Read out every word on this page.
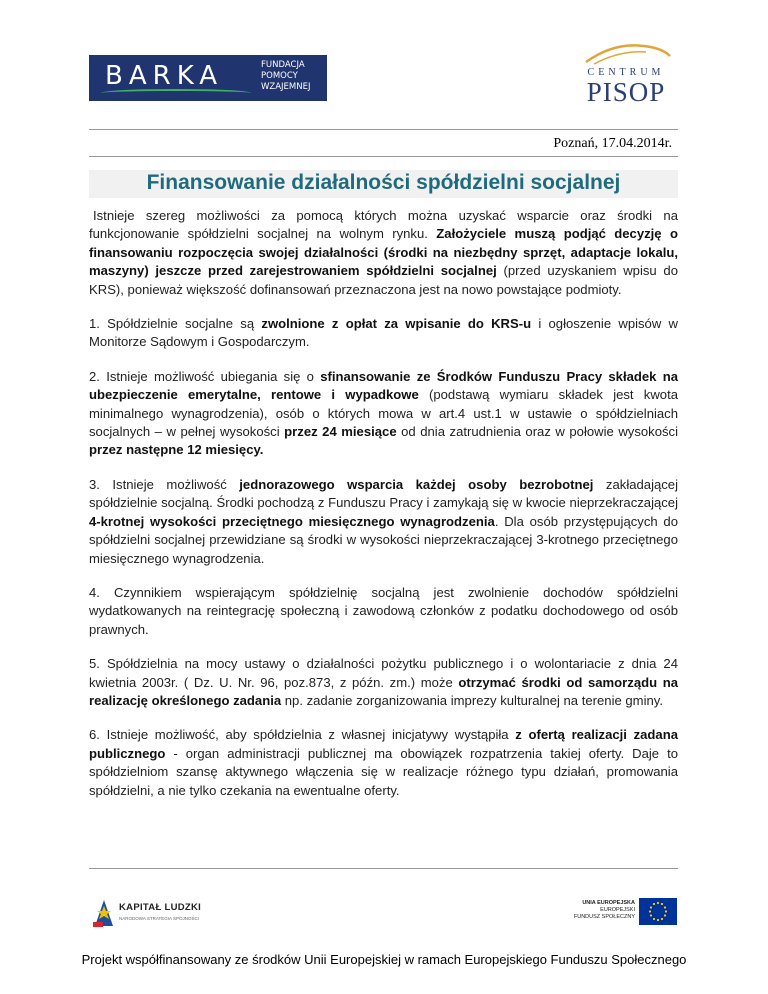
BARKA	FUNDACJA
POMOCY
WZAJEMNEJ
CENTRUM
PISOP
Poznań, 17.04.2014r.
Finansowanie działalności spółdzielni socjalnej

Istnieje szereg możliwości za pomocą których można uzyskać wsparcie oraz środki na funkcjonowanie spółdzielni socjalnej na wolnym rynku. Założyciele muszą podjąć decyzję o finansowaniu rozpoczęcia swojej działalności (środki na niezbędny sprzęt, adaptacje lokalu, maszyny) jeszcze przed zarejestrowaniem spółdzielni socjalnej (przed uzyskaniem wpisu do KRS), ponieważ większość dofinansowań przeznaczona jest na nowo powstające podmioty.

1. Spółdzielnie socjalne są zwolnione z opłat za wpisanie do KRS-u i ogłoszenie wpisów w Monitorze Sądowym i Gospodarczym.

2. Istnieje możliwość ubiegania się o sfinansowanie ze Środków Funduszu Pracy składek na ubezpieczenie emerytalne, rentowe i wypadkowe (podstawą wymiaru składek jest kwota minimalnego wynagrodzenia), osób o których mowa w art.4 ust.1 w ustawie o spółdzielniach socjalnych – w pełnej wysokości przez 24 miesiące od dnia zatrudnienia oraz w połowie wysokości przez następne 12 miesięcy.

3. Istnieje możliwość jednorazowego wsparcia każdej osoby bezrobotnej zakładającej spółdzielnie socjalną. Środki pochodzą z Funduszu Pracy i zamykają się w kwocie nieprzekraczającej 4-krotnej wysokości przeciętnego miesięcznego wynagrodzenia. Dla osób przystępujących do spółdzielni socjalnej przewidziane są środki w wysokości nieprzekraczającej 3-krotnego przeciętnego miesięcznego wynagrodzenia.

4. Czynnikiem wspierającym spółdzielnię socjalną jest zwolnienie dochodów spółdzielni wydatkowanych na reintegrację społeczną i zawodową członków z podatku dochodowego od osób prawnych.

5. Spółdzielnia na mocy ustawy o działalności pożytku publicznego i o wolontariacie z dnia 24 kwietnia 2003r. ( Dz. U. Nr. 96, poz.873, z późn. zm.) może otrzymać środki od samorządu na realizację określonego zadania np. zadanie zorganizowania imprezy kulturalnej na terenie gminy.

6. Istnieje możliwość, aby spółdzielnia z własnej inicjatywy wystąpiła z ofertą realizacji zadana publicznego - organ administracji publicznej ma obowiązek rozpatrzenia takiej oferty. Daje to spółdzielniom szansę aktywnego włączenia się w realizacje różnego typu działań, promowania spółdzielni, a nie tylko czekania na ewentualne oferty.

KAPITAŁ LUDZKI
NARODOWA STRATEGIA SPÓJNOŚCI
UNIA EUROPEJSKA
EUROPEJSKI
FUNDUSZ SPOŁECZNY
Projekt współfinansowany ze środków Unii Europejskiej w ramach Europejskiego Funduszu Społecznego
